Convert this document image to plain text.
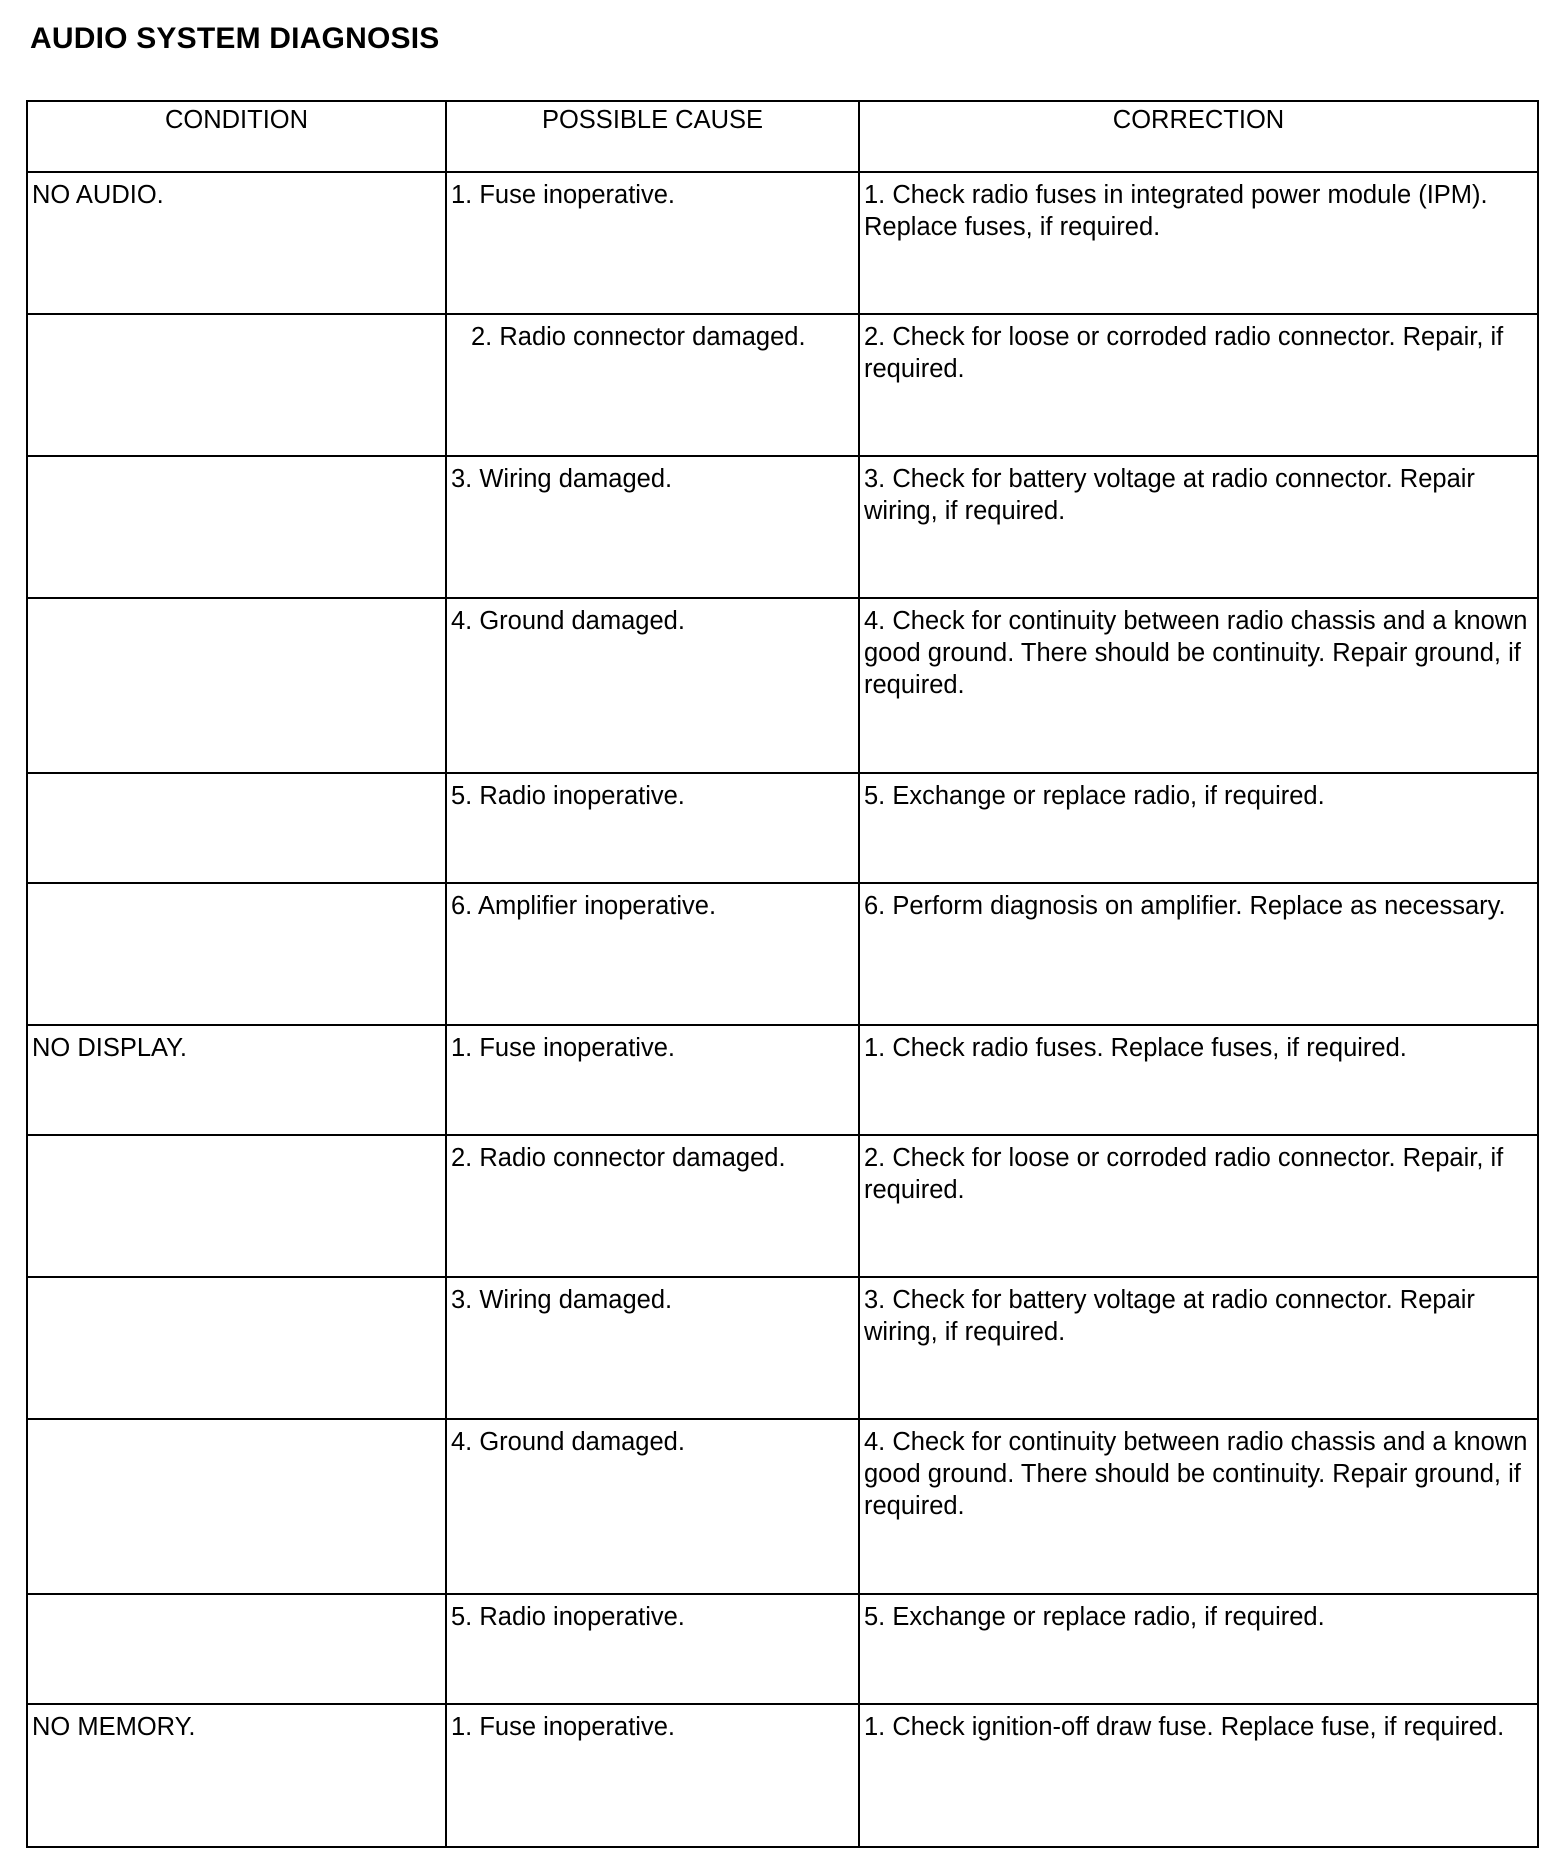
AUDIO SYSTEM DIAGNOSIS
CONDITION	POSSIBLE CAUSE	CORRECTION
NO AUDIO.	1. Fuse inoperative.	1. Check radio fuses in integrated power module (IPM). Replace fuses, if required.
	2. Radio connector damaged.	2. Check for loose or corroded radio connector. Repair, if required.
	3. Wiring damaged.	3. Check for battery voltage at radio connector. Repair wiring, if required.
	4. Ground damaged.	4. Check for continuity between radio chassis and a known good ground. There should be continuity. Repair ground, if required.
	5. Radio inoperative.	5. Exchange or replace radio, if required.
	6. Amplifier inoperative.	6. Perform diagnosis on amplifier. Replace as necessary.
NO DISPLAY.	1. Fuse inoperative.	1. Check radio fuses. Replace fuses, if required.
	2. Radio connector damaged.	2. Check for loose or corroded radio connector. Repair, if required.
	3. Wiring damaged.	3. Check for battery voltage at radio connector. Repair wiring, if required.
	4. Ground damaged.	4. Check for continuity between radio chassis and a known good ground. There should be continuity. Repair ground, if required.
	5. Radio inoperative.	5. Exchange or replace radio, if required.
NO MEMORY.	1. Fuse inoperative.	1. Check ignition-off draw fuse. Replace fuse, if required.
